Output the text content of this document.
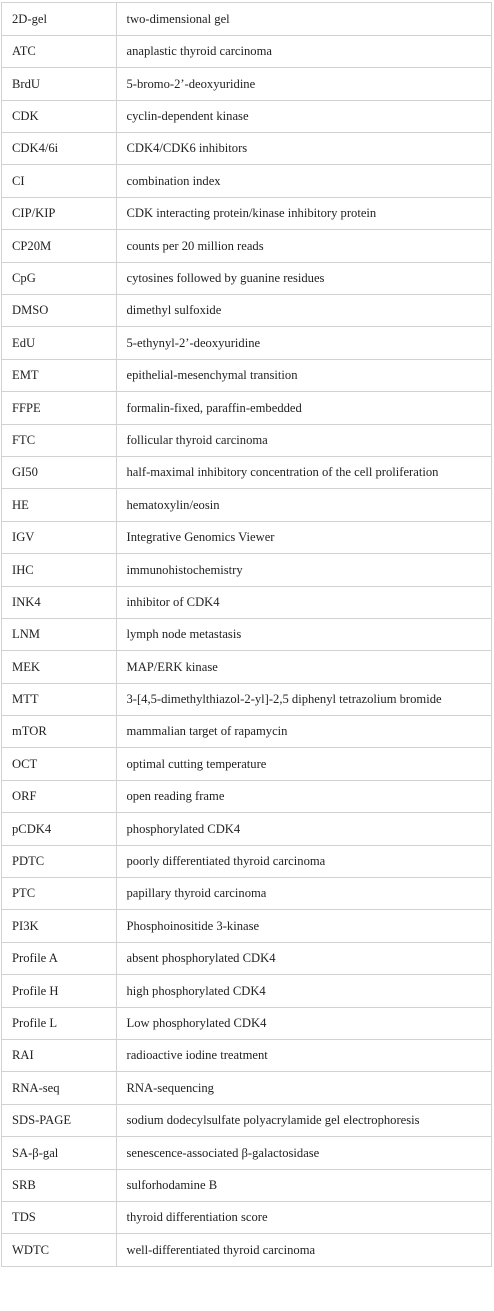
2D-gel	two-dimensional gel
ATC	anaplastic thyroid carcinoma
BrdU	5-bromo-2’-deoxyuridine
CDK	cyclin-dependent kinase
CDK4/6i	CDK4/CDK6 inhibitors
CI	combination index
CIP/KIP	CDK interacting protein/kinase inhibitory protein
CP20M	counts per 20 million reads
CpG	cytosines followed by guanine residues
DMSO	dimethyl sulfoxide
EdU	5-ethynyl-2’-deoxyuridine
EMT	epithelial-mesenchymal transition
FFPE	formalin-fixed, paraffin-embedded
FTC	follicular thyroid carcinoma
GI50	half-maximal inhibitory concentration of the cell proliferation
HE	hematoxylin/eosin
IGV	Integrative Genomics Viewer
IHC	immunohistochemistry
INK4	inhibitor of CDK4
LNM	lymph node metastasis
MEK	MAP/ERK kinase
MTT	3-[4,5-dimethylthiazol-2-yl]-2,5 diphenyl tetrazolium bromide
mTOR	mammalian target of rapamycin
OCT	optimal cutting temperature
ORF	open reading frame
pCDK4	phosphorylated CDK4
PDTC	poorly differentiated thyroid carcinoma
PTC	papillary thyroid carcinoma
PI3K	Phosphoinositide 3-kinase
Profile A	absent phosphorylated CDK4
Profile H	high phosphorylated CDK4
Profile L	Low phosphorylated CDK4
RAI	radioactive iodine treatment
RNA-seq	RNA-sequencing
SDS-PAGE	sodium dodecylsulfate polyacrylamide gel electrophoresis
SA-β-gal	senescence-associated β-galactosidase
SRB	sulforhodamine B
TDS	thyroid differentiation score
WDTC	well-differentiated thyroid carcinoma
